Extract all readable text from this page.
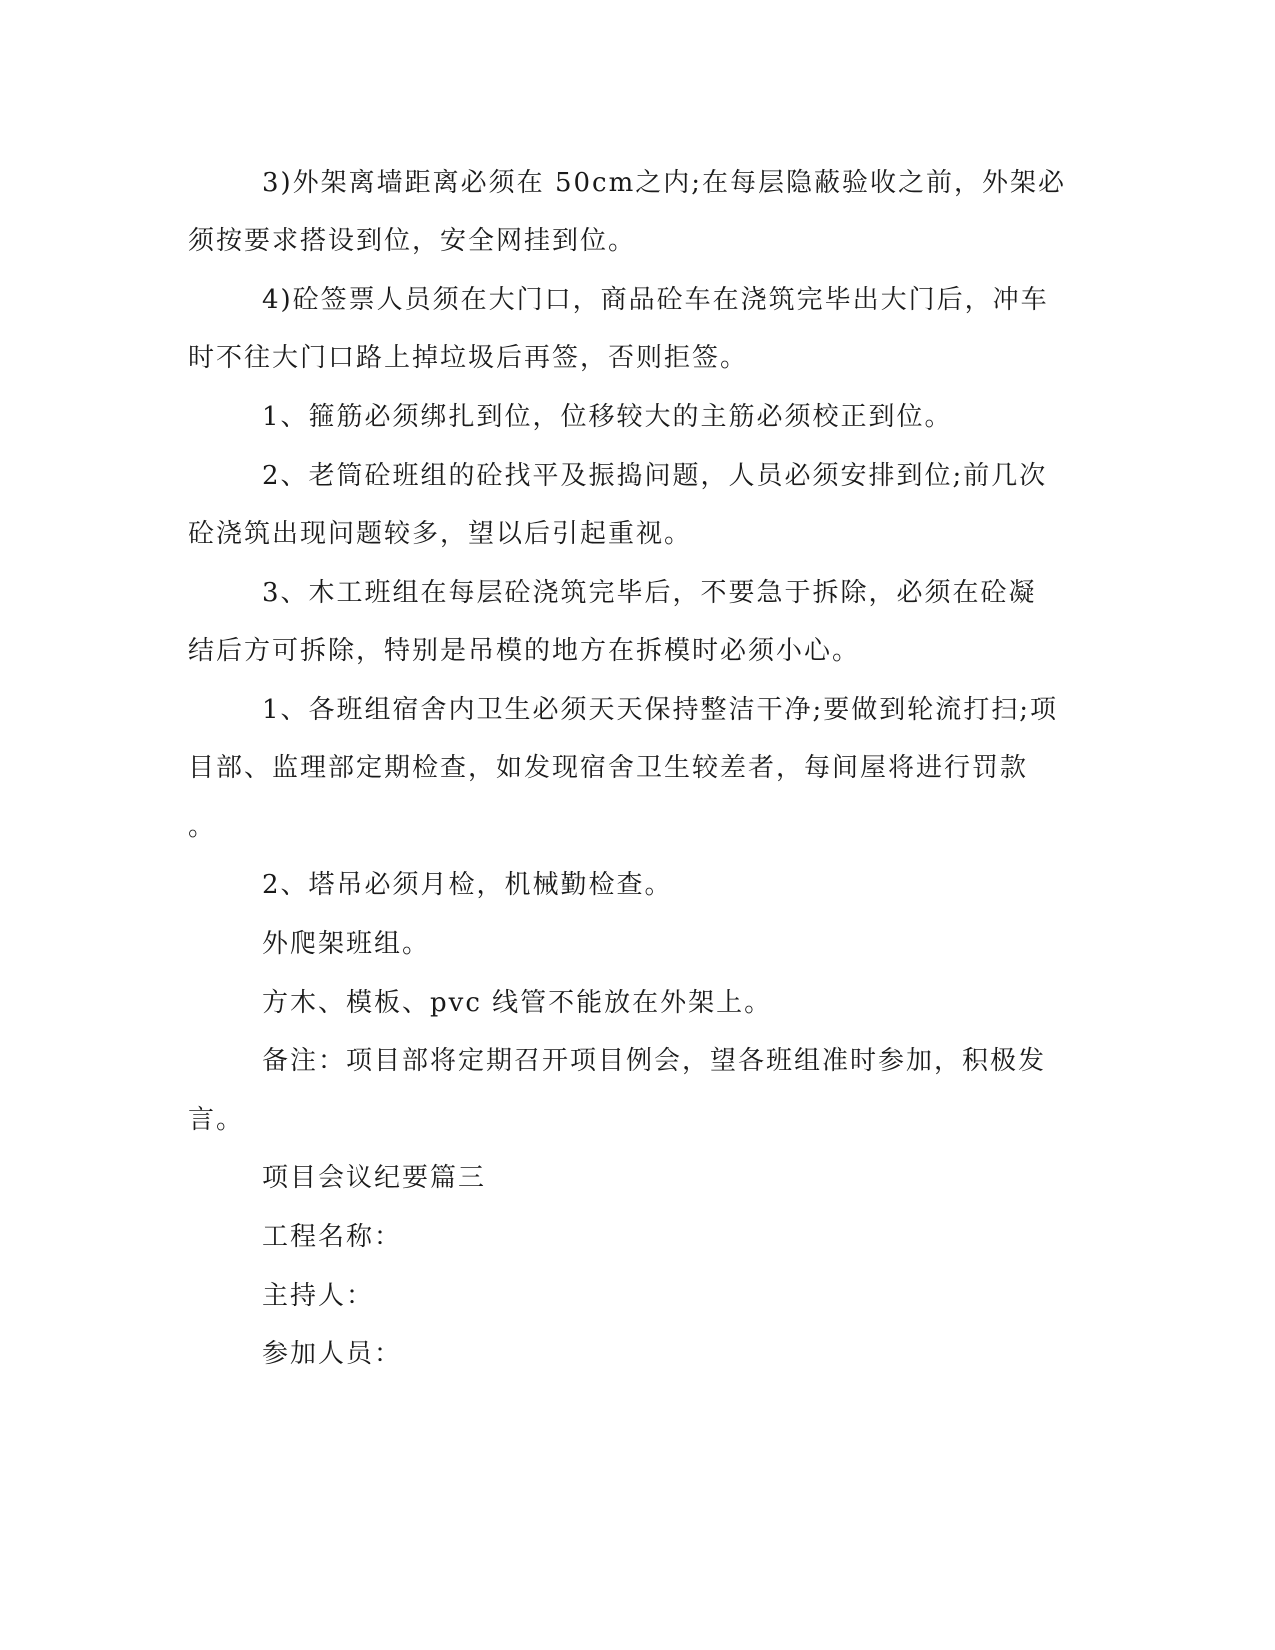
3)外架离墙距离必须在 50cm之内;在每层隐蔽验收之前，外架必
须按要求搭设到位，安全网挂到位。
4)砼签票人员须在大门口，商品砼车在浇筑完毕出大门后，冲车
时不往大门口路上掉垃圾后再签，否则拒签。
1、箍筋必须绑扎到位，位移较大的主筋必须校正到位。
2、老筒砼班组的砼找平及振捣问题，人员必须安排到位;前几次
砼浇筑出现问题较多，望以后引起重视。
3、木工班组在每层砼浇筑完毕后，不要急于拆除，必须在砼凝
结后方可拆除，特别是吊模的地方在拆模时必须小心。
1、各班组宿舍内卫生必须天天保持整洁干净;要做到轮流打扫;项
目部、监理部定期检查，如发现宿舍卫生较差者，每间屋将进行罚款
。
2、塔吊必须月检，机械勤检查。
外爬架班组。
方木、模板、pvc 线管不能放在外架上。
备注：项目部将定期召开项目例会，望各班组准时参加，积极发
言。
项目会议纪要篇三
工程名称：
主持人：
参加人员：
